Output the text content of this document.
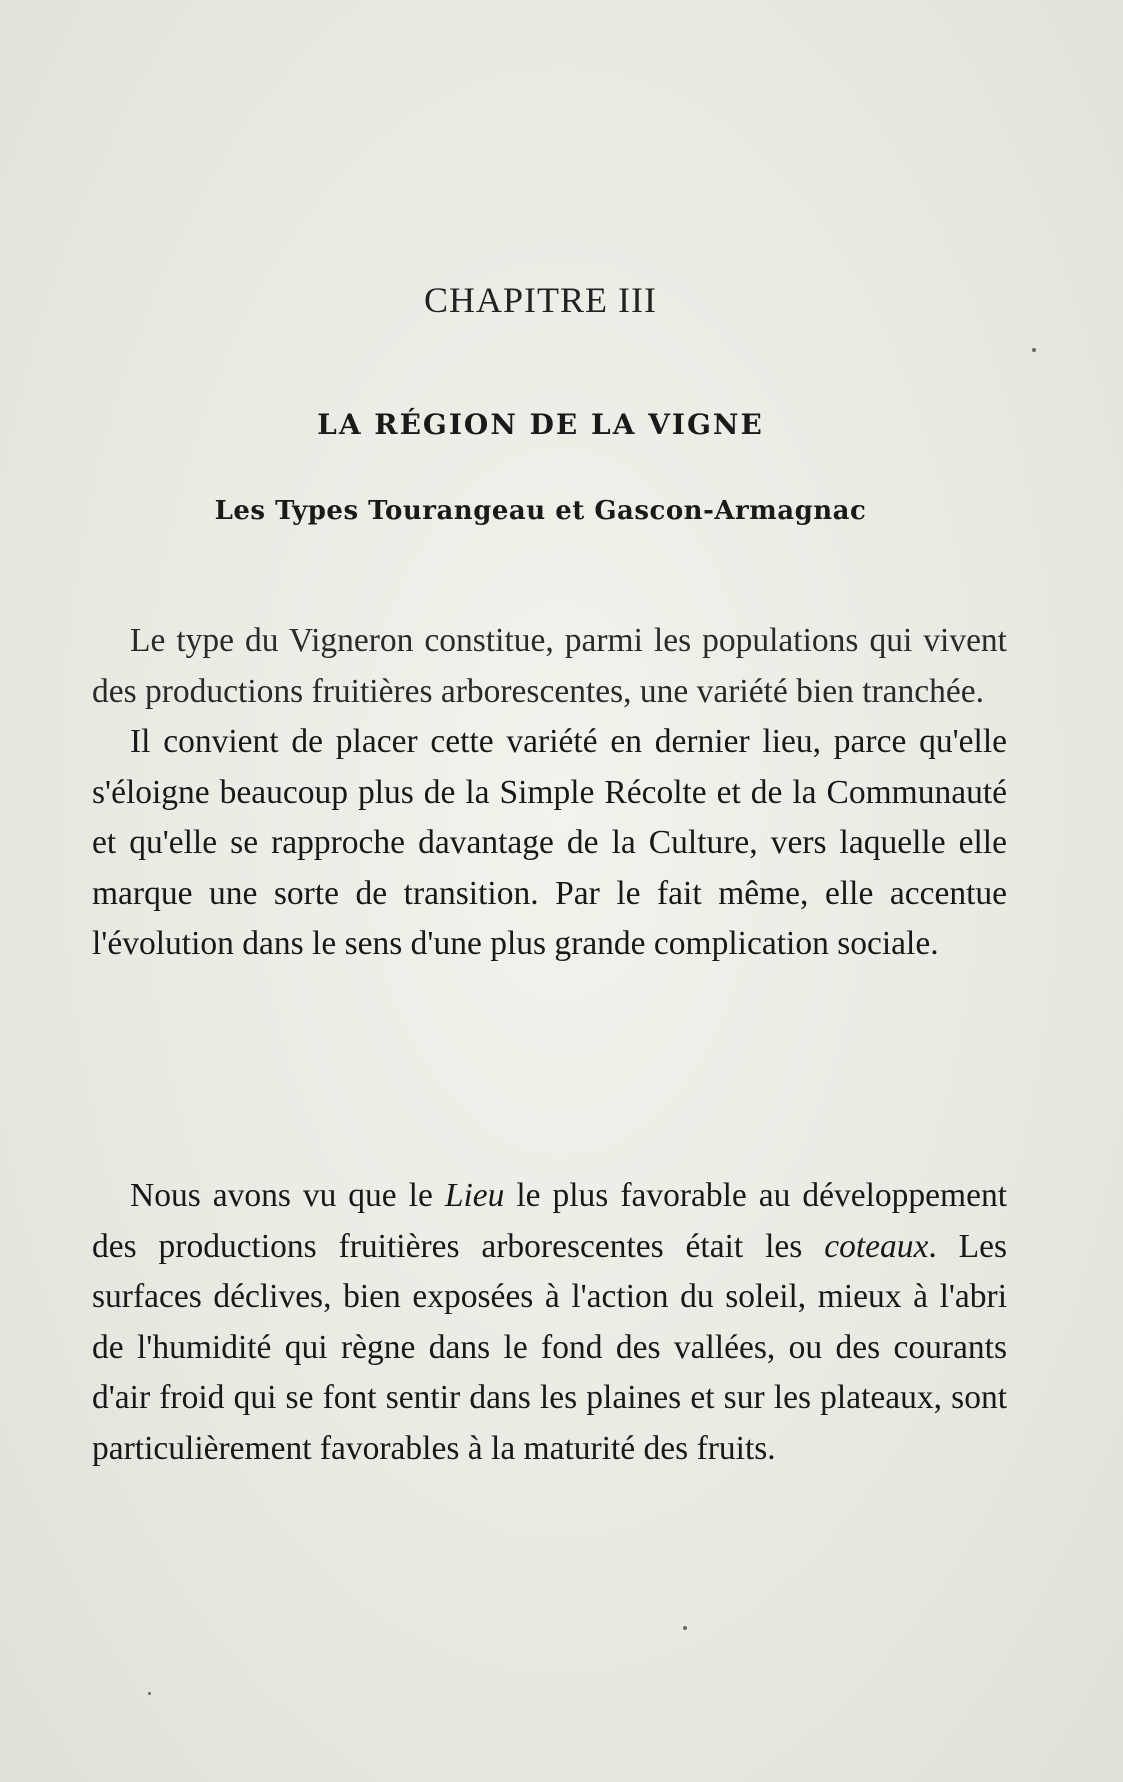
CHAPITRE III
LA RÉGION DE LA VIGNE
Les Types Tourangeau et Gascon-Armagnac

Le type du Vigneron constitue, parmi les populations qui vivent des productions fruitières arborescentes, une variété bien tranchée.

Il convient de placer cette variété en dernier lieu, parce qu'elle s'éloigne beaucoup plus de la Simple Récolte et de la Communauté et qu'elle se rapproche davantage de la Culture, vers laquelle elle marque une sorte de transition. Par le fait même, elle accentue l'évolution dans le sens d'une plus grande complication sociale.

Nous avons vu que le Lieu le plus favorable au développement des productions fruitières arborescentes était les coteaux. Les surfaces déclives, bien exposées à l'action du soleil, mieux à l'abri de l'humidité qui règne dans le fond des vallées, ou des courants d'air froid qui se font sentir dans les plaines et sur les plateaux, sont particulièrement favorables à la maturité des fruits.
